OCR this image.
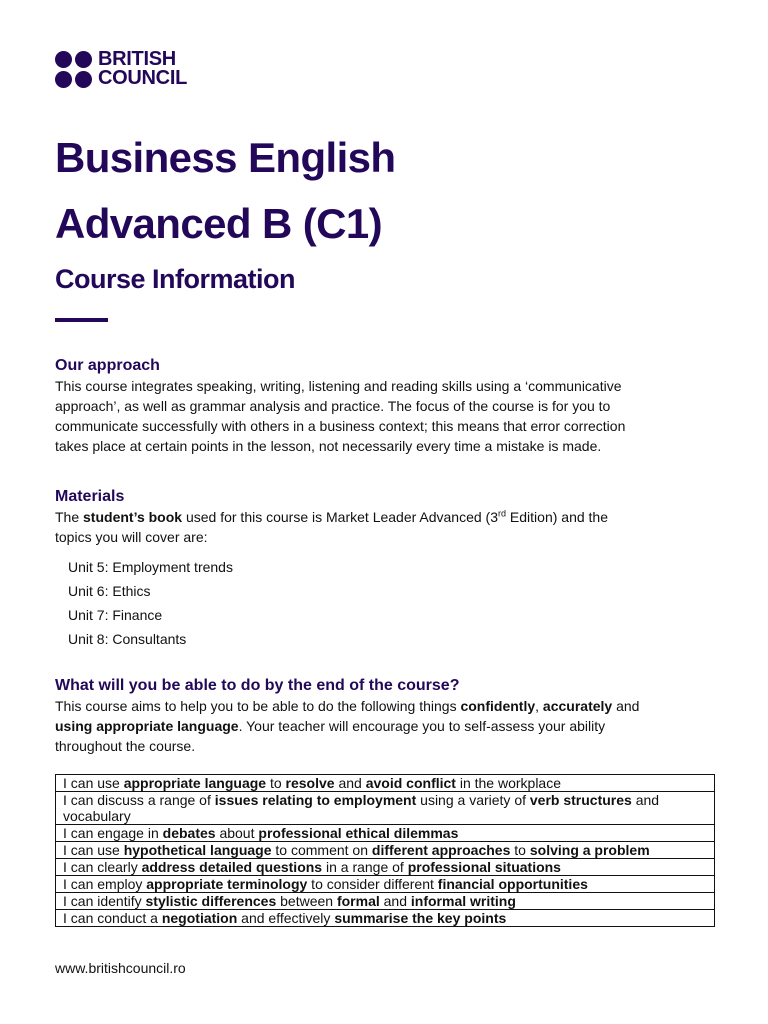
BRITISH
COUNCIL
Business English
Advanced B (C1)
Course Information
Our approach

This course integrates speaking, writing, listening and reading skills using a ‘communicative

approach’, as well as grammar analysis and practice. The focus of the course is for you to

communicate successfully with others in a business context; this means that error correction

takes place at certain points in the lesson, not necessarily every time a mistake is made.

Materials

The student’s book used for this course is Market Leader Advanced (3rd Edition) and the

topics you will cover are:

Unit 5: Employment trends
Unit 6: Ethics
Unit 7: Finance
Unit 8: Consultants
What will you be able to do by the end of the course?

This course aims to help you to be able to do the following things confidently, accurately and

using appropriate language. Your teacher will encourage you to self-assess your ability

throughout the course.

I can use appropriate language to resolve and avoid conflict in the workplace
I can discuss a range of issues relating to employment using a variety of verb structures and vocabulary
I can engage in debates about professional ethical dilemmas
I can use hypothetical language to comment on different approaches to solving a problem
I can clearly address detailed questions in a range of professional situations
I can employ appropriate terminology to consider different financial opportunities
I can identify stylistic differences between formal and informal writing
I can conduct a negotiation and effectively summarise the key points
www.britishcouncil.ro
